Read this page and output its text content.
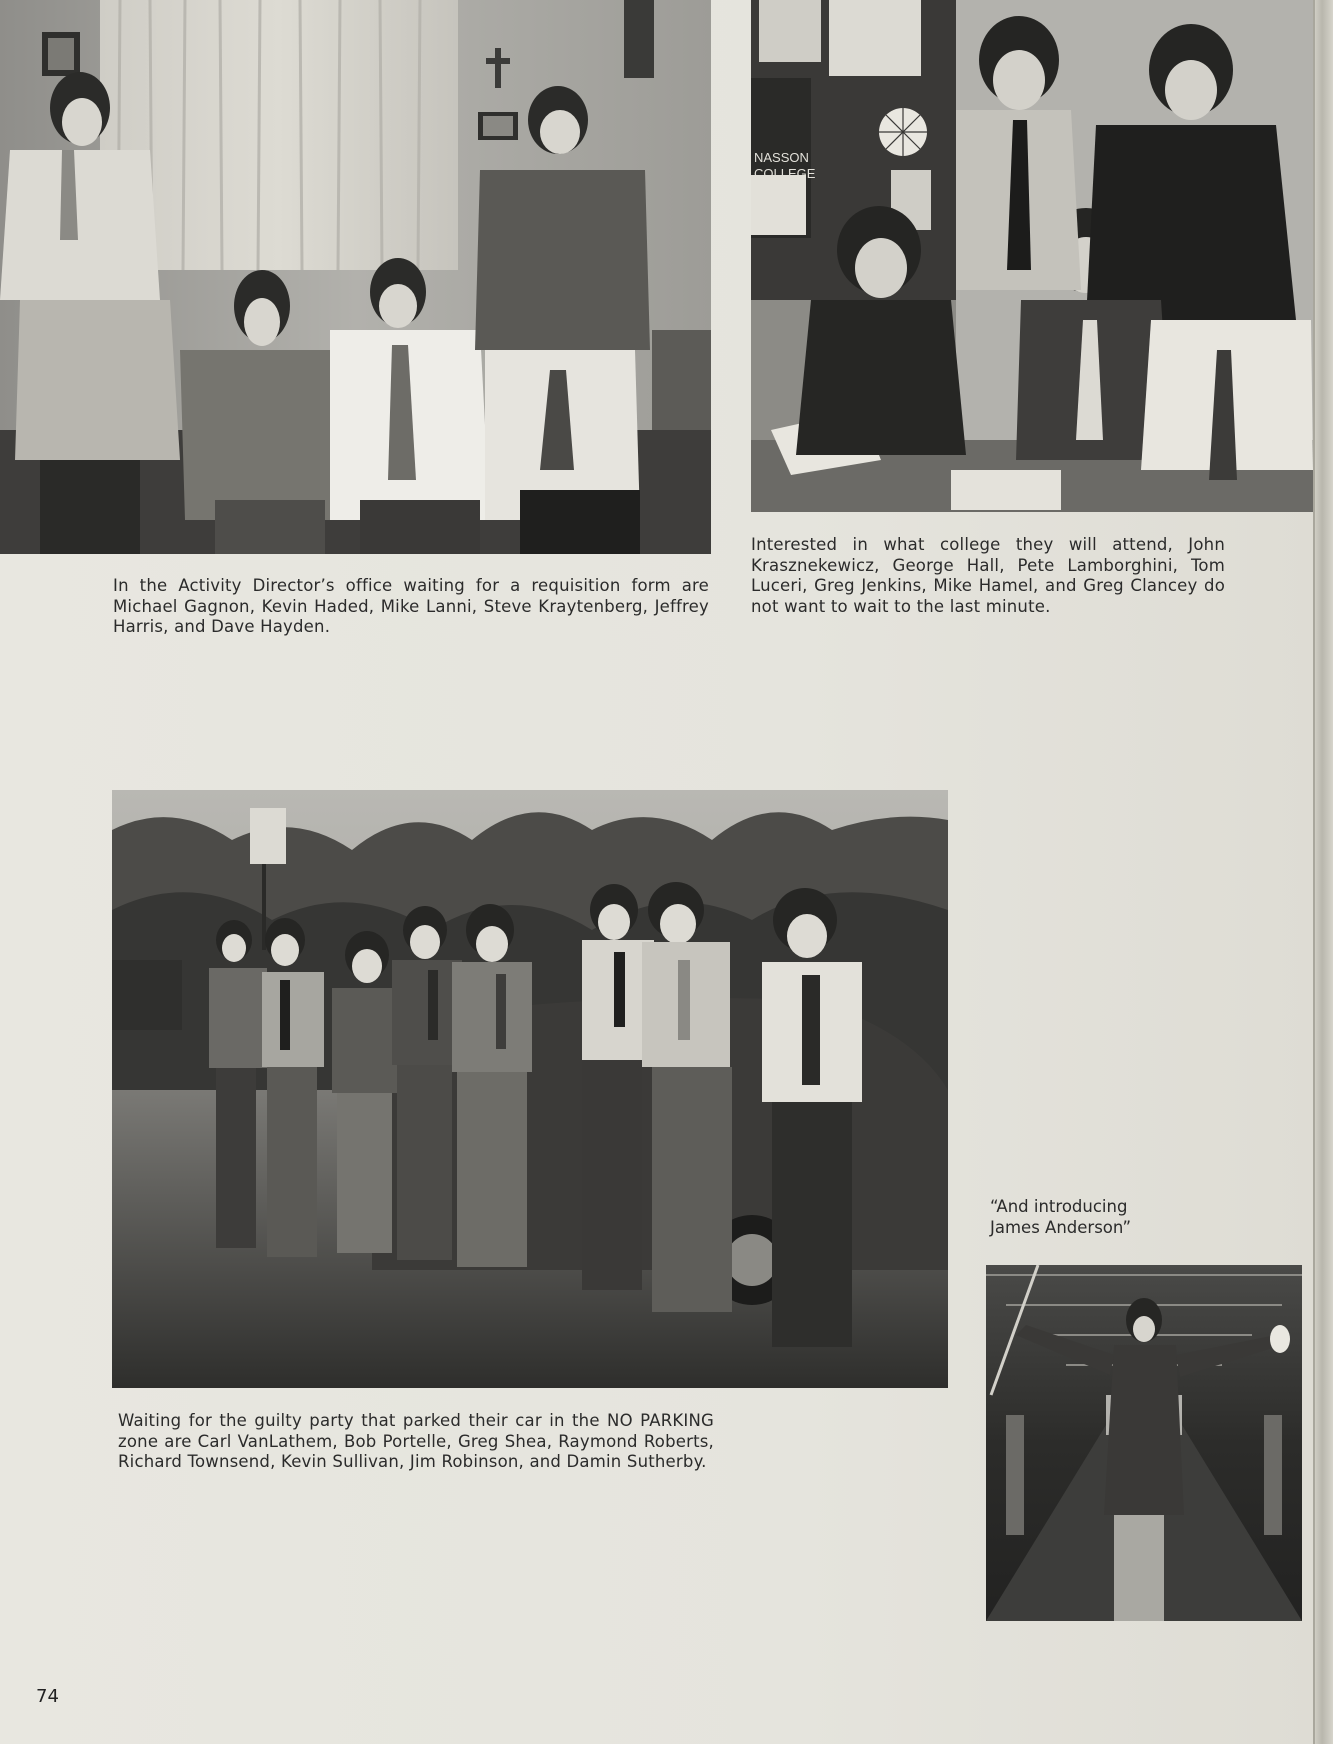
NASSON
COLLEGE
In the Activity Director’s office waiting for a requisition form are Michael Gagnon, Kevin Haded, Mike Lanni, Steve Kraytenberg, Jeffrey Harris, and Dave Hayden.
Interested in what college they will attend, John Krasznekewicz, George Hall, Pete Lamborghini, Tom Luceri, Greg Jenkins, Mike Hamel, and Greg Clancey do not want to wait to the last minute.
Waiting for the guilty party that parked their car in the NO PARKING zone are Carl VanLathem, Bob Portelle, Greg Shea, Raymond Roberts, Richard Townsend, Kevin Sullivan, Jim Robinson, and Damin Sutherby.
“And introducing
James Anderson”
74
